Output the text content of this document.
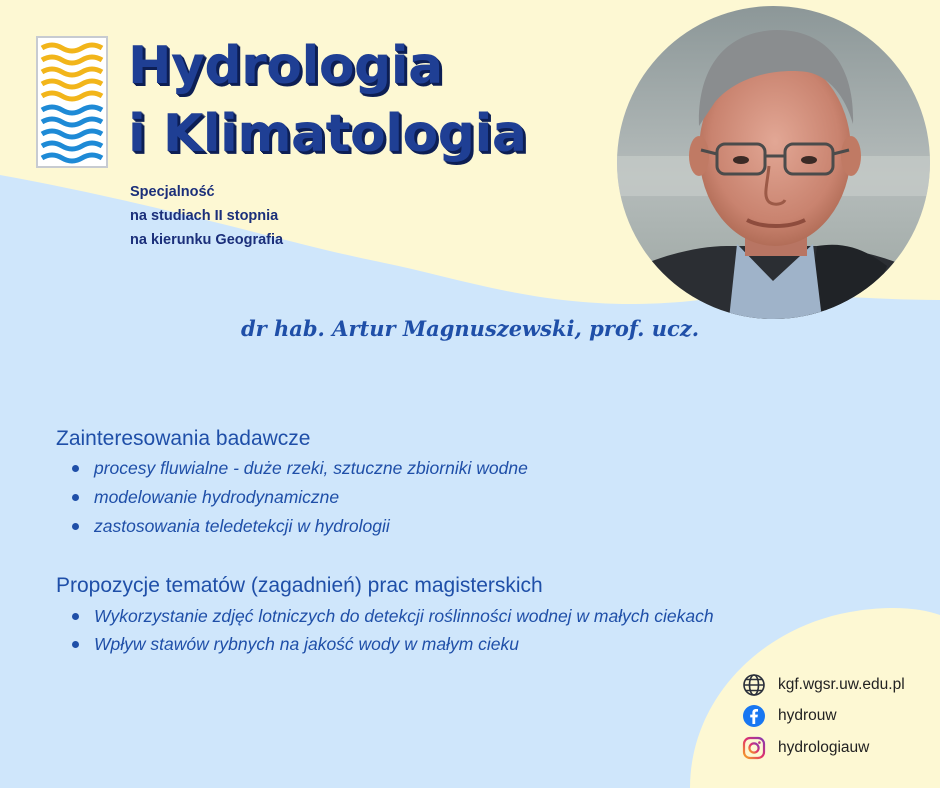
Hydrologia
i Klimatologia
Specjalność
na studiach II stopnia
na kierunku Geografia
dr hab. Artur Magnuszewski, prof. ucz.
Zainteresowania badawcze
procesy fluwialne - duże rzeki, sztuczne zbiorniki wodne
modelowanie hydrodynamiczne
zastosowania teledetekcji w hydrologii
Propozycje tematów (zagadnień) prac magisterskich
Wykorzystanie zdjęć lotniczych do detekcji roślinności wodnej w małych ciekach
Wpływ stawów rybnych na jakość wody w małym cieku
kgf.wgsr.uw.edu.pl
hydrouw
hydrologiauw
